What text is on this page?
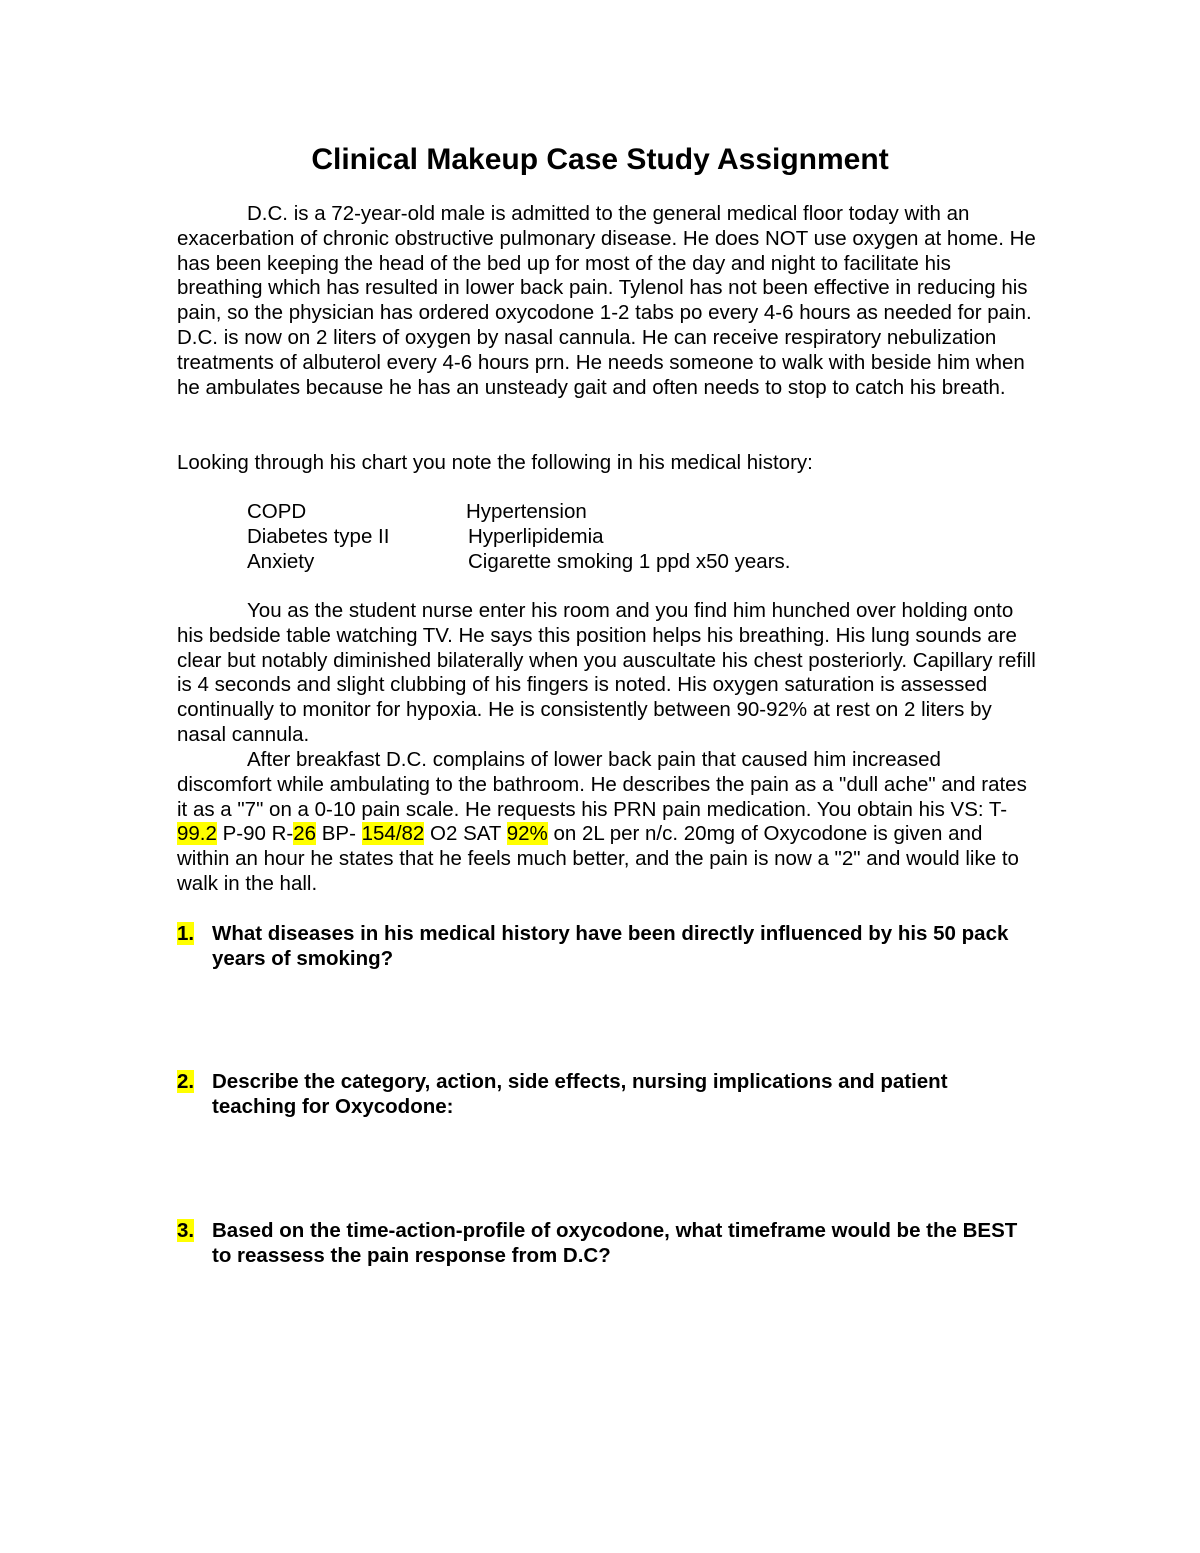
Clinical Makeup Case Study Assignment

D.C. is a 72-year-old male is admitted to the general medical floor today with an exacerbation of chronic obstructive pulmonary disease. He does NOT use oxygen at home. He has been keeping the head of the bed up for most of the day and night to facilitate his breathing which has resulted in lower back pain. Tylenol has not been effective in reducing his pain, so the physician has ordered oxycodone 1-2 tabs po every 4-6 hours as needed for pain. D.C. is now on 2 liters of oxygen by nasal cannula. He can receive respiratory nebulization treatments of albuterol every 4-6 hours prn. He needs someone to walk with beside him when he ambulates because he has an unsteady gait and often needs to stop to catch his breath.

Looking through his chart you note the following in his medical history:

COPD
Diabetes type II
Anxiety
Hypertension
Hyperlipidemia
Cigarette smoking 1 ppd x50 years.

You as the student nurse enter his room and you find him hunched over holding onto his bedside table watching TV. He says this position helps his breathing. His lung sounds are clear but notably diminished bilaterally when you auscultate his chest posteriorly. Capillary refill is 4 seconds and slight clubbing of his fingers is noted. His oxygen saturation is assessed continually to monitor for hypoxia. He is consistently between 90-92% at rest on 2 liters by nasal cannula.

After breakfast D.C. complains of lower back pain that caused him increased discomfort while ambulating to the bathroom. He describes the pain as a "dull ache" and rates it as a "7" on a 0-10 pain scale. He requests his PRN pain medication. You obtain his VS: T-99.2 P-90 R-26 BP- 154/82 O2 SAT 92% on 2L per n/c. 20mg of Oxycodone is given and within an hour he states that he feels much better, and the pain is now a "2" and would like to walk in the hall.

1. What diseases in his medical history have been directly influenced by his 50 pack years of smoking?
2. Describe the category, action, side effects, nursing implications and patient teaching for Oxycodone:
3. Based on the time-action-profile of oxycodone, what timeframe would be the BEST to reassess the pain response from D.C?
